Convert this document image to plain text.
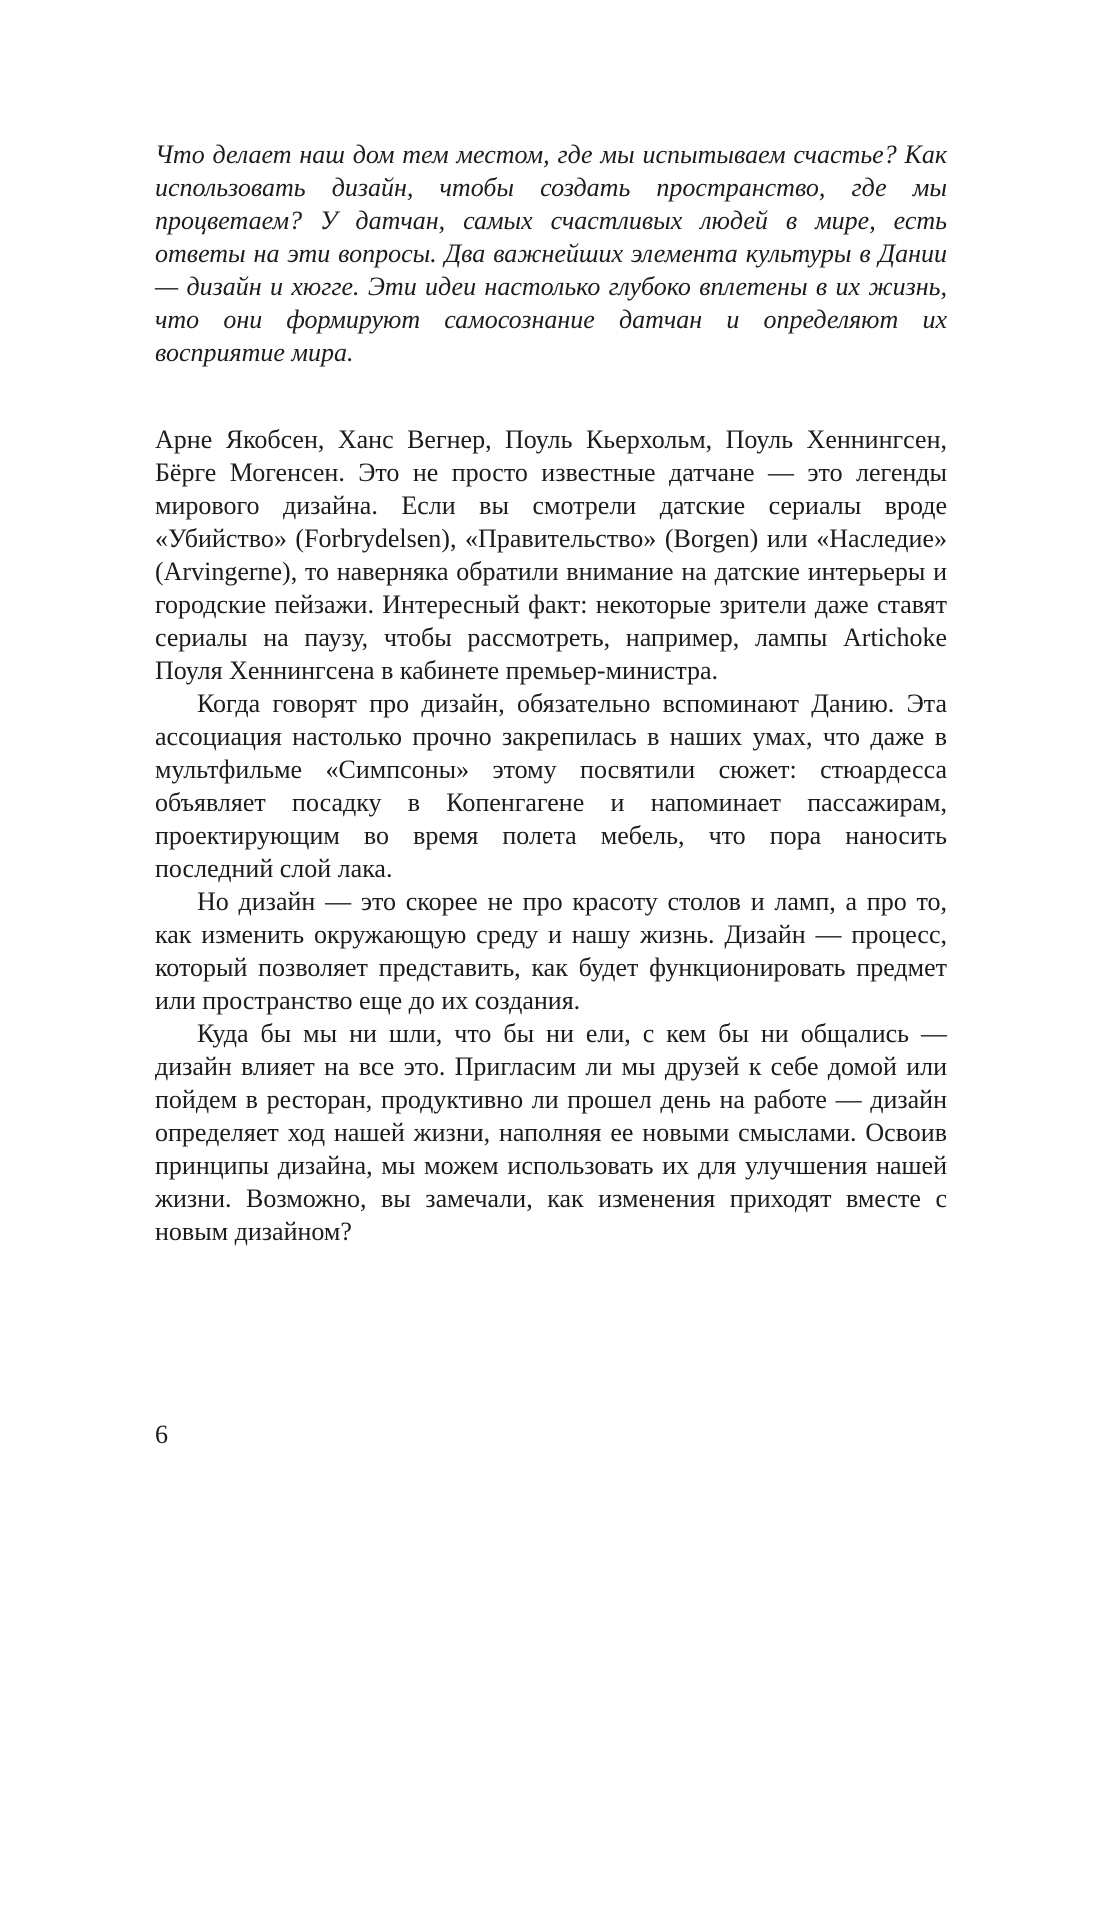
Что делает наш дом тем местом, где мы испытываем счастье? Как использовать дизайн, чтобы создать пространство, где мы процветаем? У датчан, самых счастливых людей в мире, есть ответы на эти вопросы. Два важнейших элемента культуры в Дании — дизайн и хюгге. Эти идеи настолько глубоко вплетены в их жизнь, что они формируют самосознание датчан и определяют их восприятие мира.

Арне Якобсен, Ханс Вегнер, Поуль Кьерхольм, Поуль Хеннингсен, Бёрге Могенсен. Это не просто известные датчане — это легенды мирового дизайна. Если вы смотрели датские сериалы вроде «Убийство» (Forbrydelsen), «Правительство» (Borgen) или «Наследие» (Arvingerne), то наверняка обратили внимание на датские интерьеры и городские пейзажи. Интересный факт: некоторые зрители даже ставят сериалы на паузу, чтобы рассмотреть, например, лампы Artichoke Поуля Хеннингсена в кабинете премьер-министра.

Когда говорят про дизайн, обязательно вспоминают Данию. Эта ассоциация настолько прочно закрепилась в наших умах, что даже в мультфильме «Симпсоны» этому посвятили сюжет: стюардесса объявляет посадку в Копенгагене и напоминает пассажирам, проектирующим во время полета мебель, что пора наносить последний слой лака.

Но дизайн — это скорее не про красоту столов и ламп, а про то, как изменить окружающую среду и нашу жизнь. Дизайн — процесс, который позволяет представить, как будет функционировать предмет или пространство еще до их создания.

Куда бы мы ни шли, что бы ни ели, с кем бы ни общались — дизайн влияет на все это. Пригласим ли мы друзей к себе домой или пойдем в ресторан, продуктивно ли прошел день на работе — дизайн определяет ход нашей жизни, наполняя ее новыми смыслами. Освоив принципы дизайна, мы можем использовать их для улучшения нашей жизни. Возможно, вы замечали, как изменения приходят вместе с новым дизайном?

6
